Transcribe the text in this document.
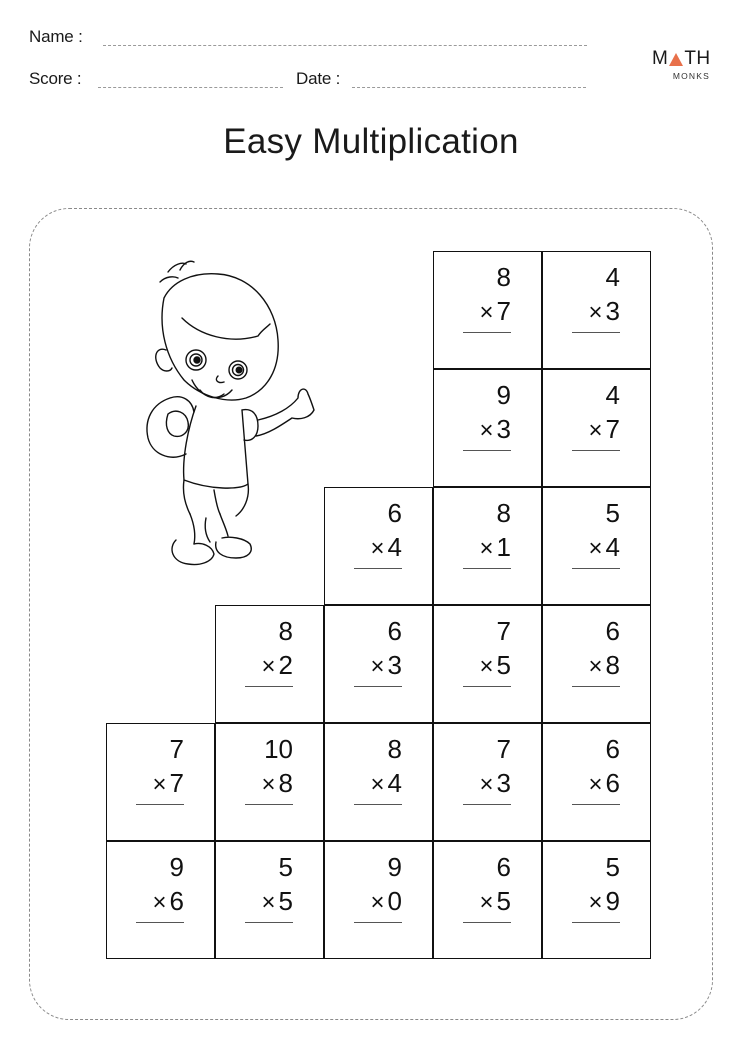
Name :
Score :	Date :
M TH
MONKS
Easy Multiplication
8
× 7
4
× 3
9
× 3
4
× 7
6
× 4
8
× 1
5
× 4
8
× 2
6
× 3
7
× 5
6
× 8
7
× 7
10
× 8
8
× 4
7
× 3
6
× 6
9
× 6
5
× 5
9
× 0
6
× 5
5
× 9
